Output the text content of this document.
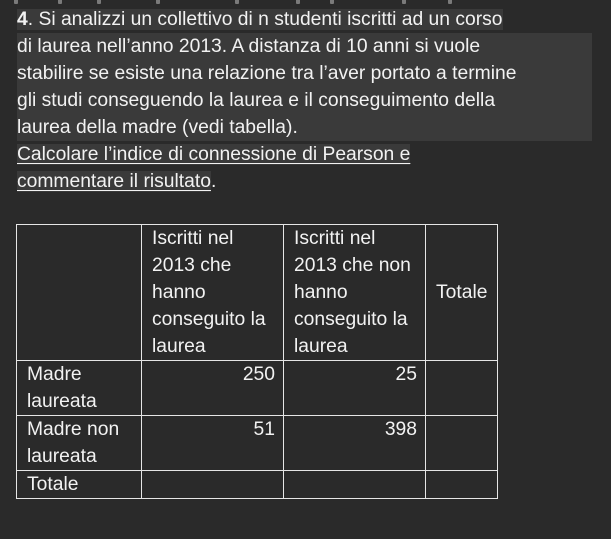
4. Si analizzi un collettivo di n studenti iscritti ad un corso
di laurea nell’anno 2013. A distanza di 10 anni si vuole
stabilire se esiste una relazione tra l’aver portato a termine
gli studi conseguendo la laurea e il conseguimento della
laurea della madre (vedi tabella).
Calcolare l’indice di connessione di Pearson e
commentare il risultato.
	Iscritti nel 2013 che hanno conseguito la laurea	Iscritti nel 2013 che non hanno conseguito la laurea	Totale
Madre laureata	250	25	
Madre non laureata	51	398	
Totale			
